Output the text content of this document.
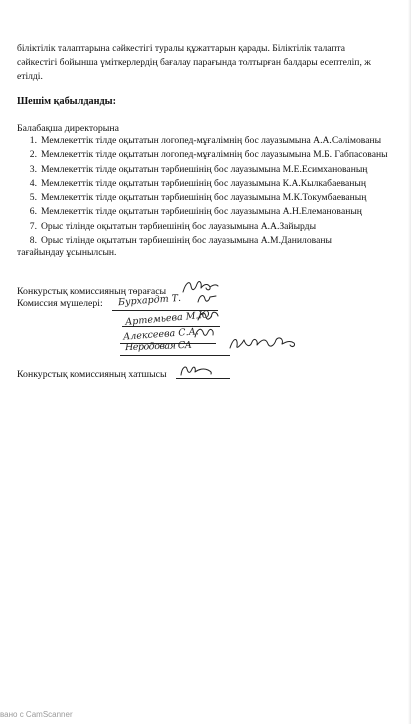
біліктілік талаптарына сәйкестігі туралы құжаттарын қарады. Біліктілік талапта
сәйкестігі бойынша үміткерлердің бағалау парағында толтырған балдары есептеліп, ж
етілді.
Шешім қабылданды:
Балабақша директорына
1. Мемлекеттік тілде оқытатын логопед-мұғалімнің бос лауазымына А.А.Сәлімованы
2. Мемлекеттік тілде оқытатын логопед-мұғалімнің бос лауазымына М.Б. Габпасованы
3. Мемлекеттік тілде оқытатын тәрбиешінің бос лауазымына М.Е.Есимханованың
4. Мемлекеттік тілде оқытатын тәрбиешінің бос лауазымына К.А.Кылкабаеваның
5. Мемлекеттік тілде оқытатын тәрбиешінің бос лауазымына М.К.Токумбаеваның
6. Мемлекеттік тілде оқытатын тәрбиешінің бос лауазымына А.Н.Елемановaның
7. Орыс тілінде оқытатын тәрбиешінің бос лауазымына А.А.Зайырды
8. Орыс тілінде оқытатын тәрбиешінің бос лауазымына А.М.Даниловaны
тағайындау ұсынылсын.
Конкурстық комиссияның төрағасы
Комиссия мүшелері:
Конкурстық комиссияның хатшысы
Бурхардт Т.
Артемьева М.Ю.
Алексеева С.А.
Неродовая СА
вано с CamScanner
